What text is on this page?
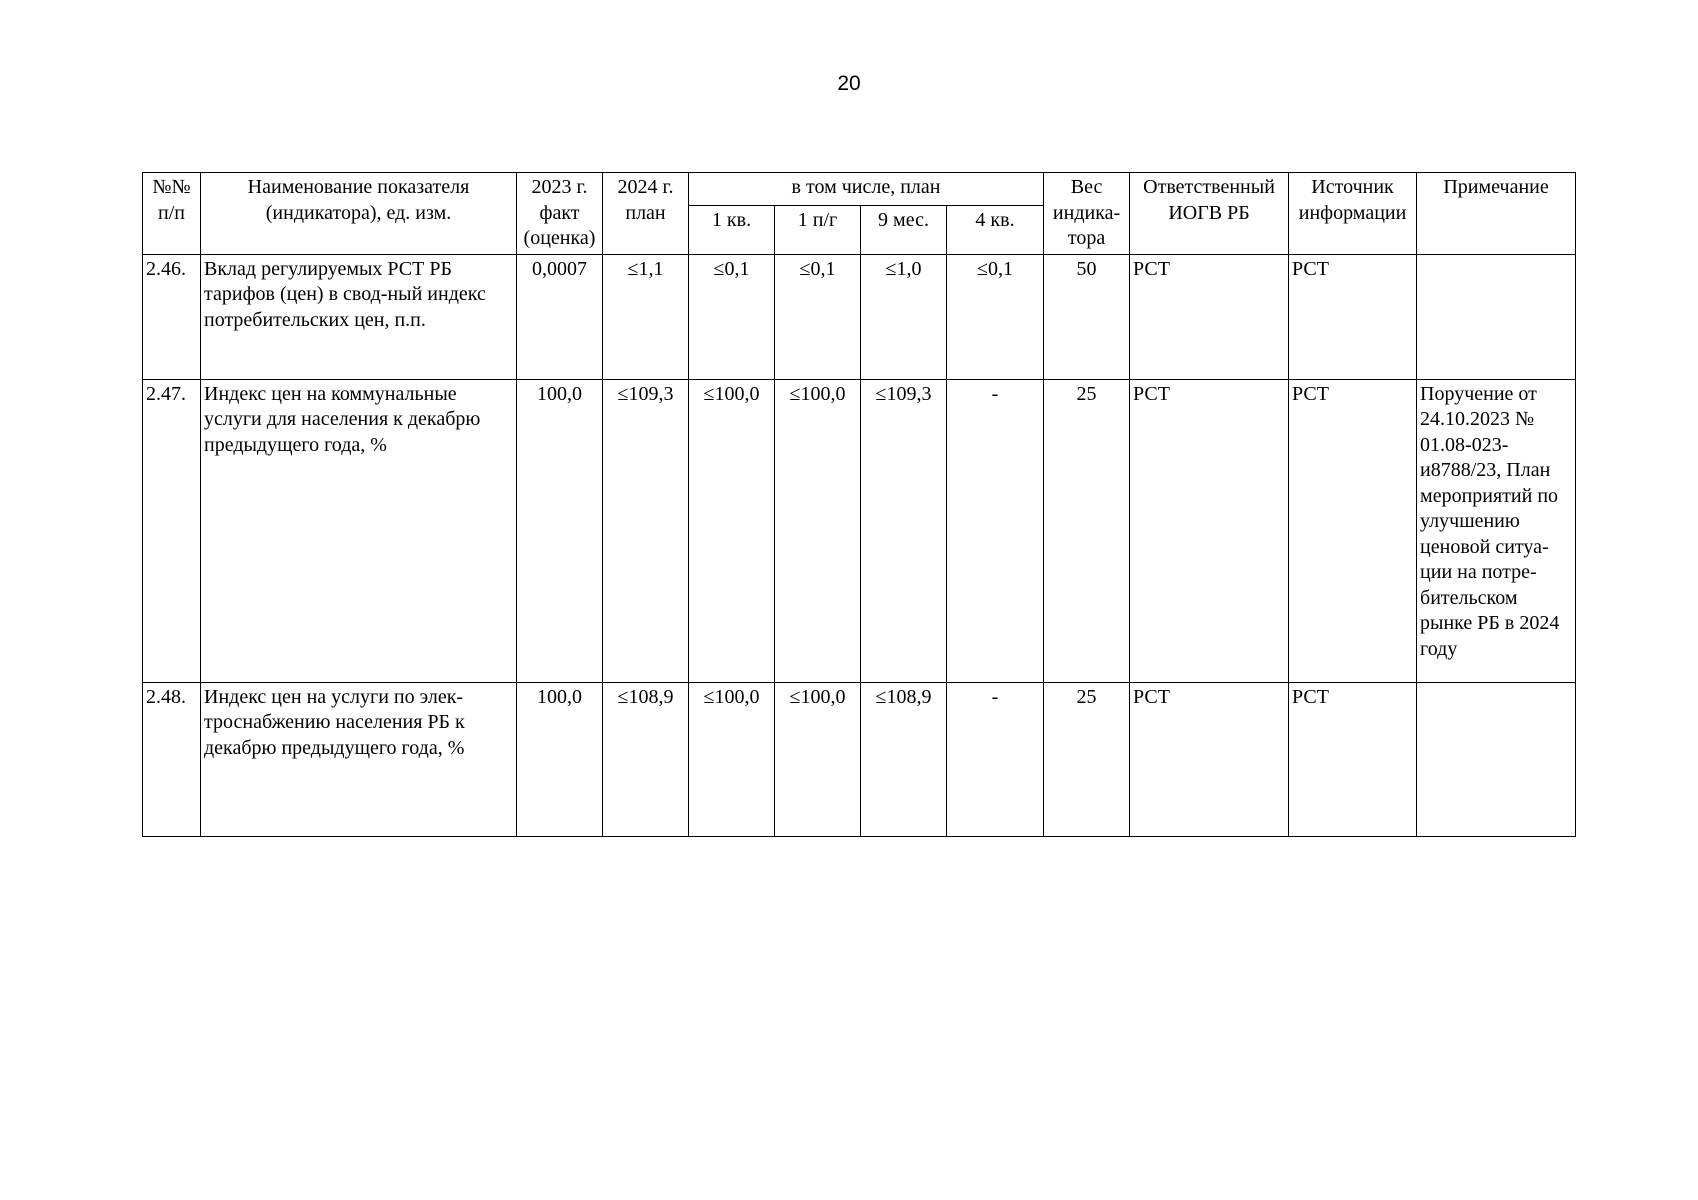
20
№№ п/п	Наименование показателя (индикатора), ед. изм.	2023 г. факт (оценка)	2024 г. план	в том числе, план				Вес индика-тора	Ответственный ИОГВ РБ	Источник информации	Примечание
				1 кв.	1 п/г	9 мес.	4 кв.				
2.46.	Вклад регулируемых РСТ РБ тарифов (цен) в свод-ный индекс потребительских цен, п.п.	0,0007	≤1,1	≤0,1	≤0,1	≤1,0	≤0,1	50	РСТ	РСТ	
2.47.	Индекс цен на коммунальные услуги для населения к декабрю предыдущего года, %	100,0	≤109,3	≤100,0	≤100,0	≤109,3	-	25	РСТ	РСТ	Поручение от 24.10.2023 № 01.08-023-и8788/23, План мероприятий по улучшению ценовой ситуа-ции на потре-бительском рынке РБ в 2024 году
2.48.	Индекс цен на услуги по элек-троснабжению населения РБ к декабрю предыдущего года, %	100,0	≤108,9	≤100,0	≤100,0	≤108,9	-	25	РСТ	РСТ	
